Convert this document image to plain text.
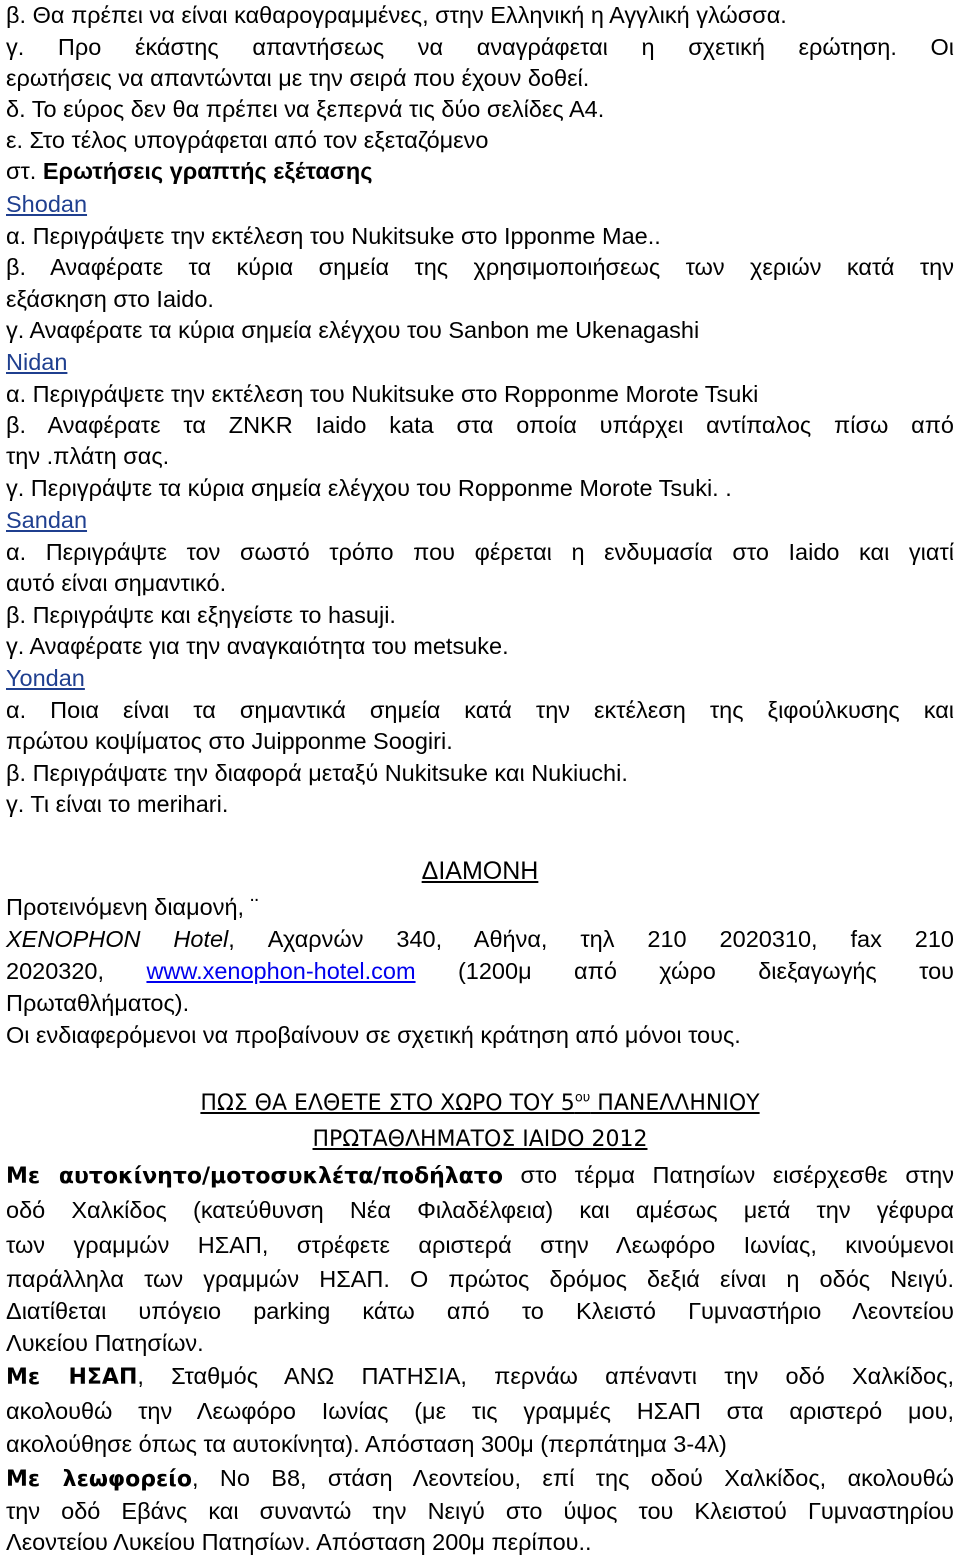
β. Θα πρέπει να είναι καθαρογραμμένες, στην Ελληνική η Αγγλική γλώσσα.
γ. Προ έκάστης απαντήσεως να αναγράφεται η σχετική ερώτηση. Οι
ερωτήσεις να απαντώνται με την σειρά που έχουν δοθεί.
δ. Το εύρος δεν θα πρέπει να ξεπερνά τις δύο σελίδες Α4.
ε. Στο τέλος υπογράφεται από τον εξεταζόμενο
στ. Ερωτήσεις γραπτής εξέτασης
Shodan
α. Περιγράψετε την εκτέλεση του Nukitsuke στο Ipponme Mae..
β. Αναφέρατε τα κύρια σημεία της χρησιμοποιήσεως των χεριών κατά την
εξάσκηση στο Iaido.
γ. Αναφέρατε τα κύρια σημεία ελέγχου του Sanbon me Ukenagashi
Nidan
α. Περιγράψετε την εκτέλεση του Nukitsuke στο Ropponme Morote Tsuki
β. Αναφέρατε τα ZNKR Iaido kata στα οποία υπάρχει αντίπαλος πίσω από
την .πλάτη σας.
γ. Περιγράψτε τα κύρια σημεία ελέγχου του Ropponme Morote Tsuki. .
Sandan
α. Περιγράψτε τον σωστό τρόπο που φέρεται η ενδυμασία στο Iaido και γιατί
αυτό είναι σημαντικό.
β. Περιγράψτε και εξηγείστε το hasuji.
γ. Αναφέρατε για την αναγκαιότητα του metsuke.
Yondan
α. Ποια είναι τα σημαντικά σημεία κατά την εκτέλεση της ξιφούλκυσης και
πρώτου κοψίματος στο Juipponme Soogiri.
β. Περιγράψατε την διαφορά μεταξύ Nukitsuke και Nukiuchi.
γ. Τι είναι το merihari.
ΔΙΑΜΟΝΗ
Προτεινόμενη διαμονή, ¨
XENOPHON Hotel, Αχαρνών 340, Αθήνα, τηλ 210 2020310, fax 210
2020320, www.xenophon-hotel.com (1200μ από χώρο διεξαγωγής του
Πρωταθλήματος).
Οι ενδιαφερόμενοι να προβαίνουν σε σχετική κράτηση από μόνοι τους.
ΠΩΣ ΘΑ ΕΛΘΕΤΕ ΣΤΟ ΧΩΡΟ ΤΟΥ $5^{o\upsilon}$ ΠΑΝΕΛΛΗΝΙΟΥ
ΠΡΩΤΑΘΛΗΜΑΤΟΣ IAIDO 2012
Με αυτοκίνητο/μοτοσυκλέτα/ποδήλατο στο τέρμα Πατησίων εισέρχεσθε στην
οδό Χαλκίδος (κατεύθυνση Νέα Φιλαδέλφεια) και αμέσως μετά την γέφυρα
των γραμμών ΗΣΑΠ, στρέφετε αριστερά στην Λεωφόρο Ιωνίας, κινούμενοι
παράλληλα των γραμμών ΗΣΑΠ. Ο πρώτος δρόμος δεξιά είναι η οδός Νειγύ.
Διατίθεται υπόγειο parking κάτω από το Κλειστό Γυμναστήριο Λεοντείου
Λυκείου Πατησίων.
Με ΗΣΑΠ, Σταθμός ΑΝΩ ΠΑΤΗΣΙΑ, περνάω απέναντι την οδό Χαλκίδος,
ακολουθώ την Λεωφόρο Ιωνίας (με τις γραμμές ΗΣΑΠ στα αριστερό μου,
ακολούθησε όπως τα αυτοκίνητα). Απόσταση 300μ (περπάτημα 3-4λ)
Με λεωφορείο, Νο Β8, στάση Λεοντείου, επί της οδού Χαλκίδος, ακολουθώ
την οδό Εβάνς και συναντώ την Νειγύ στο ύψος του Κλειστού Γυμναστηρίου
Λεοντείου Λυκείου Πατησίων. Απόσταση 200μ περίπου..
